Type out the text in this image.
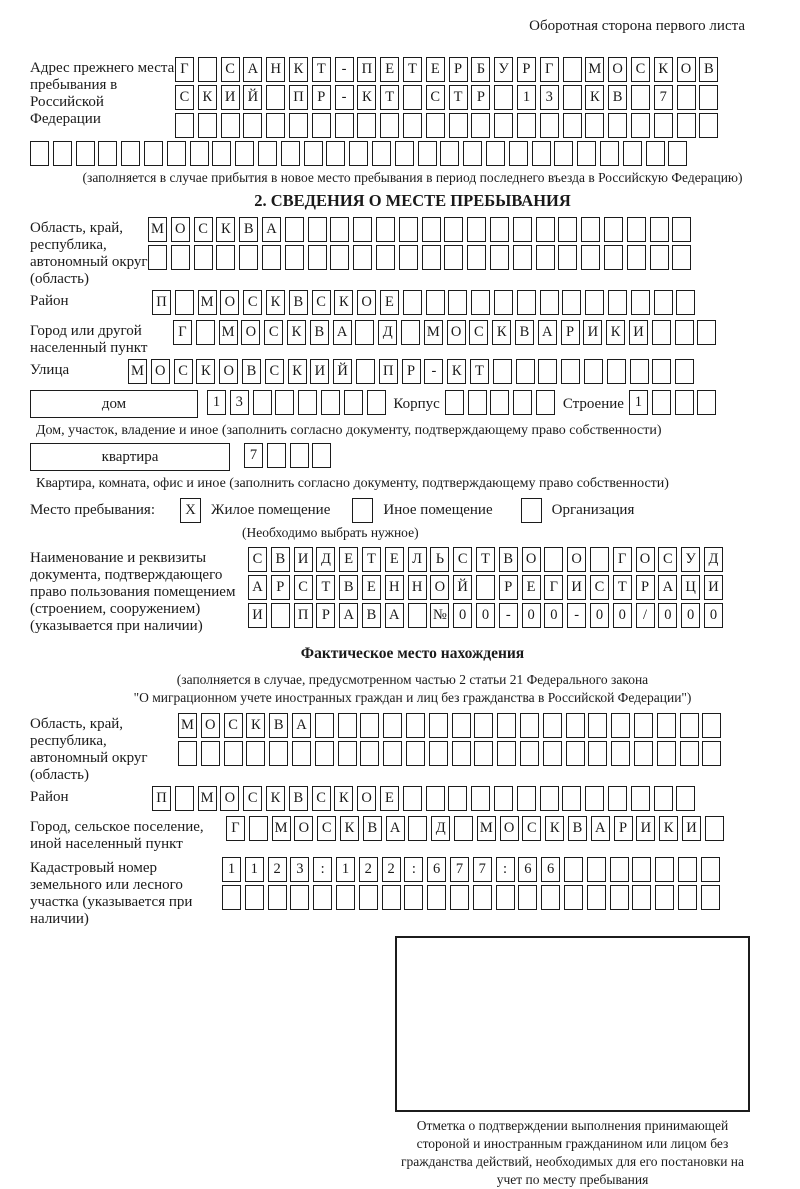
Оборотная сторона первого листа
Адрес прежнего места пребывания в Российской Федерации
Г	С А Н К Т - П Е Т Е Р Б У Р Г М О С К О В
С К И Й П Р - К Т	С Т Р	1 3	К В	7
(заполняется в случае прибытия в новое место пребывания в период последнего въезда в Российскую Федерацию)
2. СВЕДЕНИЯ О МЕСТЕ ПРЕБЫВАНИЯ
Область, край, республика, автономный округ (область)
М О С К В А
Район	П М О С К В С К О Е
Город или другой населенный пункт
Г М О С К В А Д М О С К В А Р И К И
Улица	М О С К О В С К И Й П Р - К Т
дом	1 3	Корпус	Строение 1
Дом, участок, владение и иное (заполнить согласно документу, подтверждающему право собственности)
квартира	7
Квартира, комната, офис и иное (заполнить согласно документу, подтверждающему право собственности)
Место пребывания:	X	Жилое помещение	Иное помещение	Организация
(Необходимо выбрать нужное)
Наименование и реквизиты документа, подтверждающего право пользования помещением (строением, сооружением) (указывается при наличии)
С В И Д Е Т Е Л Ь С Т В О О Г О С У Д
А Р С Т В Е Н Н О Й	Р Е Г И С Т Р А Ц И
И П Р А В А № 0 0 - 0 0 - 0 0 / 0 0 0
Фактическое место нахождения
(заполняется в случае, предусмотренном частью 2 статьи 21 Федерального закона
"О миграционном учете иностранных граждан и лиц без гражданства в Российской Федерации")
Область, край, республика, автономный округ (область)
М О С К В А
Район	П М О С К В С К О Е
Город, сельское поселение, иной населенный пункт
Г М О С К В А Д М О С К В А Р И К И
Кадастровый номер земельного или лесного участка (указывается при наличии)
1 1 2 3 : 1 2 2 : 6 7 7 : 6 6
Отметка о подтверждении выполнения принимающей стороной и иностранным гражданином или лицом без гражданства действий, необходимых для его постановки на учет по месту пребывания
